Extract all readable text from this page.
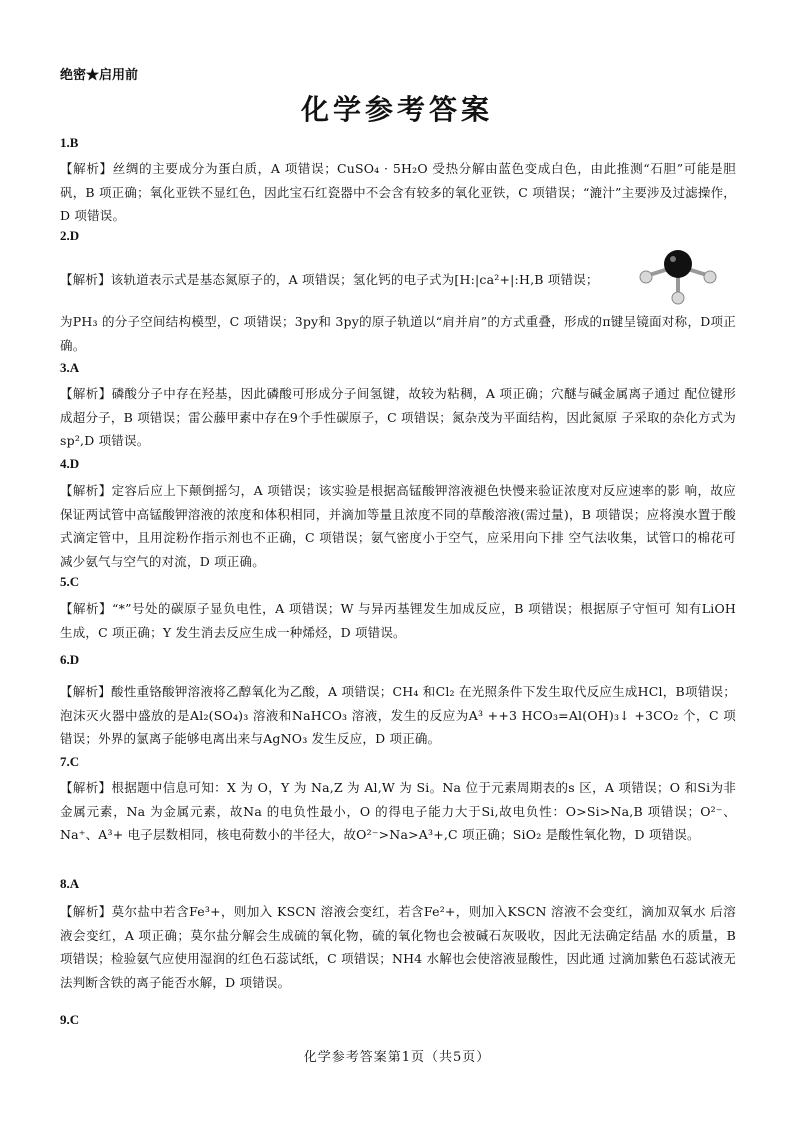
绝密★启用前
化学参考答案
1.B
【解析】丝绸的主要成分为蛋白质，A 项错误；CuSO₄ · 5H₂O 受热分解由蓝色变成白色，由此推测“石胆”可能是胆矾，B 项正确；氧化亚铁不显红色，因此宝石红瓷器中不会含有较多的氧化亚铁，C 项错误；“漉汁”主要涉及过滤操作，D 项错误。
2.D
【解析】该轨道表示式是基态氮原子的，A 项错误；氢化钙的电子式为[H:|ca²+|:H,B 项错误；
为PH₃ 的分子空间结构模型，C 项错误；3py和 3py的原子轨道以“肩并肩”的方式重叠，形成的π键呈镜面对称，D项正确。
3.A
【解析】磷酸分子中存在羟基，因此磷酸可形成分子间氢键，故较为粘稠，A 项正确；穴醚与碱金属离子通过 配位键形成超分子，B 项错误；雷公藤甲素中存在9个手性碳原子，C 项错误；氮杂茂为平面结构，因此氮原 子采取的杂化方式为sp²,D 项错误。
4.D
【解析】定容后应上下颠倒摇匀，A 项错误；该实验是根据高锰酸钾溶液褪色快慢来验证浓度对反应速率的影 响，故应保证两试管中高锰酸钾溶液的浓度和体积相同，并滴加等量且浓度不同的草酸溶液(需过量)，B 项错误；应将溴水置于酸式滴定管中，且用淀粉作指示剂也不正确，C 项错误；氨气密度小于空气，应采用向下排 空气法收集，试管口的棉花可减少氨气与空气的对流，D 项正确。
5.C
【解析】“*”号处的碳原子显负电性，A 项错误；W 与异丙基锂发生加成反应，B 项错误；根据原子守恒可 知有LiOH 生成，C 项正确；Y 发生消去反应生成一种烯烃，D 项错误。
6.D
【解析】酸性重铬酸钾溶液将乙醇氧化为乙酸，A 项错误；CH₄ 和Cl₂ 在光照条件下发生取代反应生成HCl，B项错误；泡沫灭火器中盛放的是Al₂(SO₄)₃ 溶液和NaHCO₃ 溶液，发生的反应为A³ ++3 HCO₃=Al(OH)₃↓ +3CO₂ 个，C 项错误；外界的氯离子能够电离出来与AgNO₃ 发生反应，D 项正确。
7.C
【解析】根据题中信息可知：X 为 O，Y 为 Na,Z 为 Al,W 为 Si。Na 位于元素周期表的s 区，A 项错误；O 和Si为非金属元素，Na 为金属元素，故Na 的电负性最小，O 的得电子能力大于Si,故电负性：O>Si>Na,B 项错误；O²⁻、Na⁺、A³+ 电子层数相同，核电荷数小的半径大，故O²⁻>Na>A³+,C 项正确；SiO₂ 是酸性氧化物，D 项错误。
8.A
【解析】莫尔盐中若含Fe³+，则加入 KSCN 溶液会变红，若含Fe²+，则加入KSCN 溶液不会变红，滴加双氧水 后溶液会变红，A 项正确；莫尔盐分解会生成硫的氧化物，硫的氧化物也会被碱石灰吸收，因此无法确定结晶 水的质量，B 项错误；检验氨气应使用湿润的红色石蕊试纸，C 项错误；NH4 水解也会使溶液显酸性，因此通 过滴加紫色石蕊试液无法判断含铁的离子能否水解，D 项错误。
9.C
化学参考答案第1页（共5页）
